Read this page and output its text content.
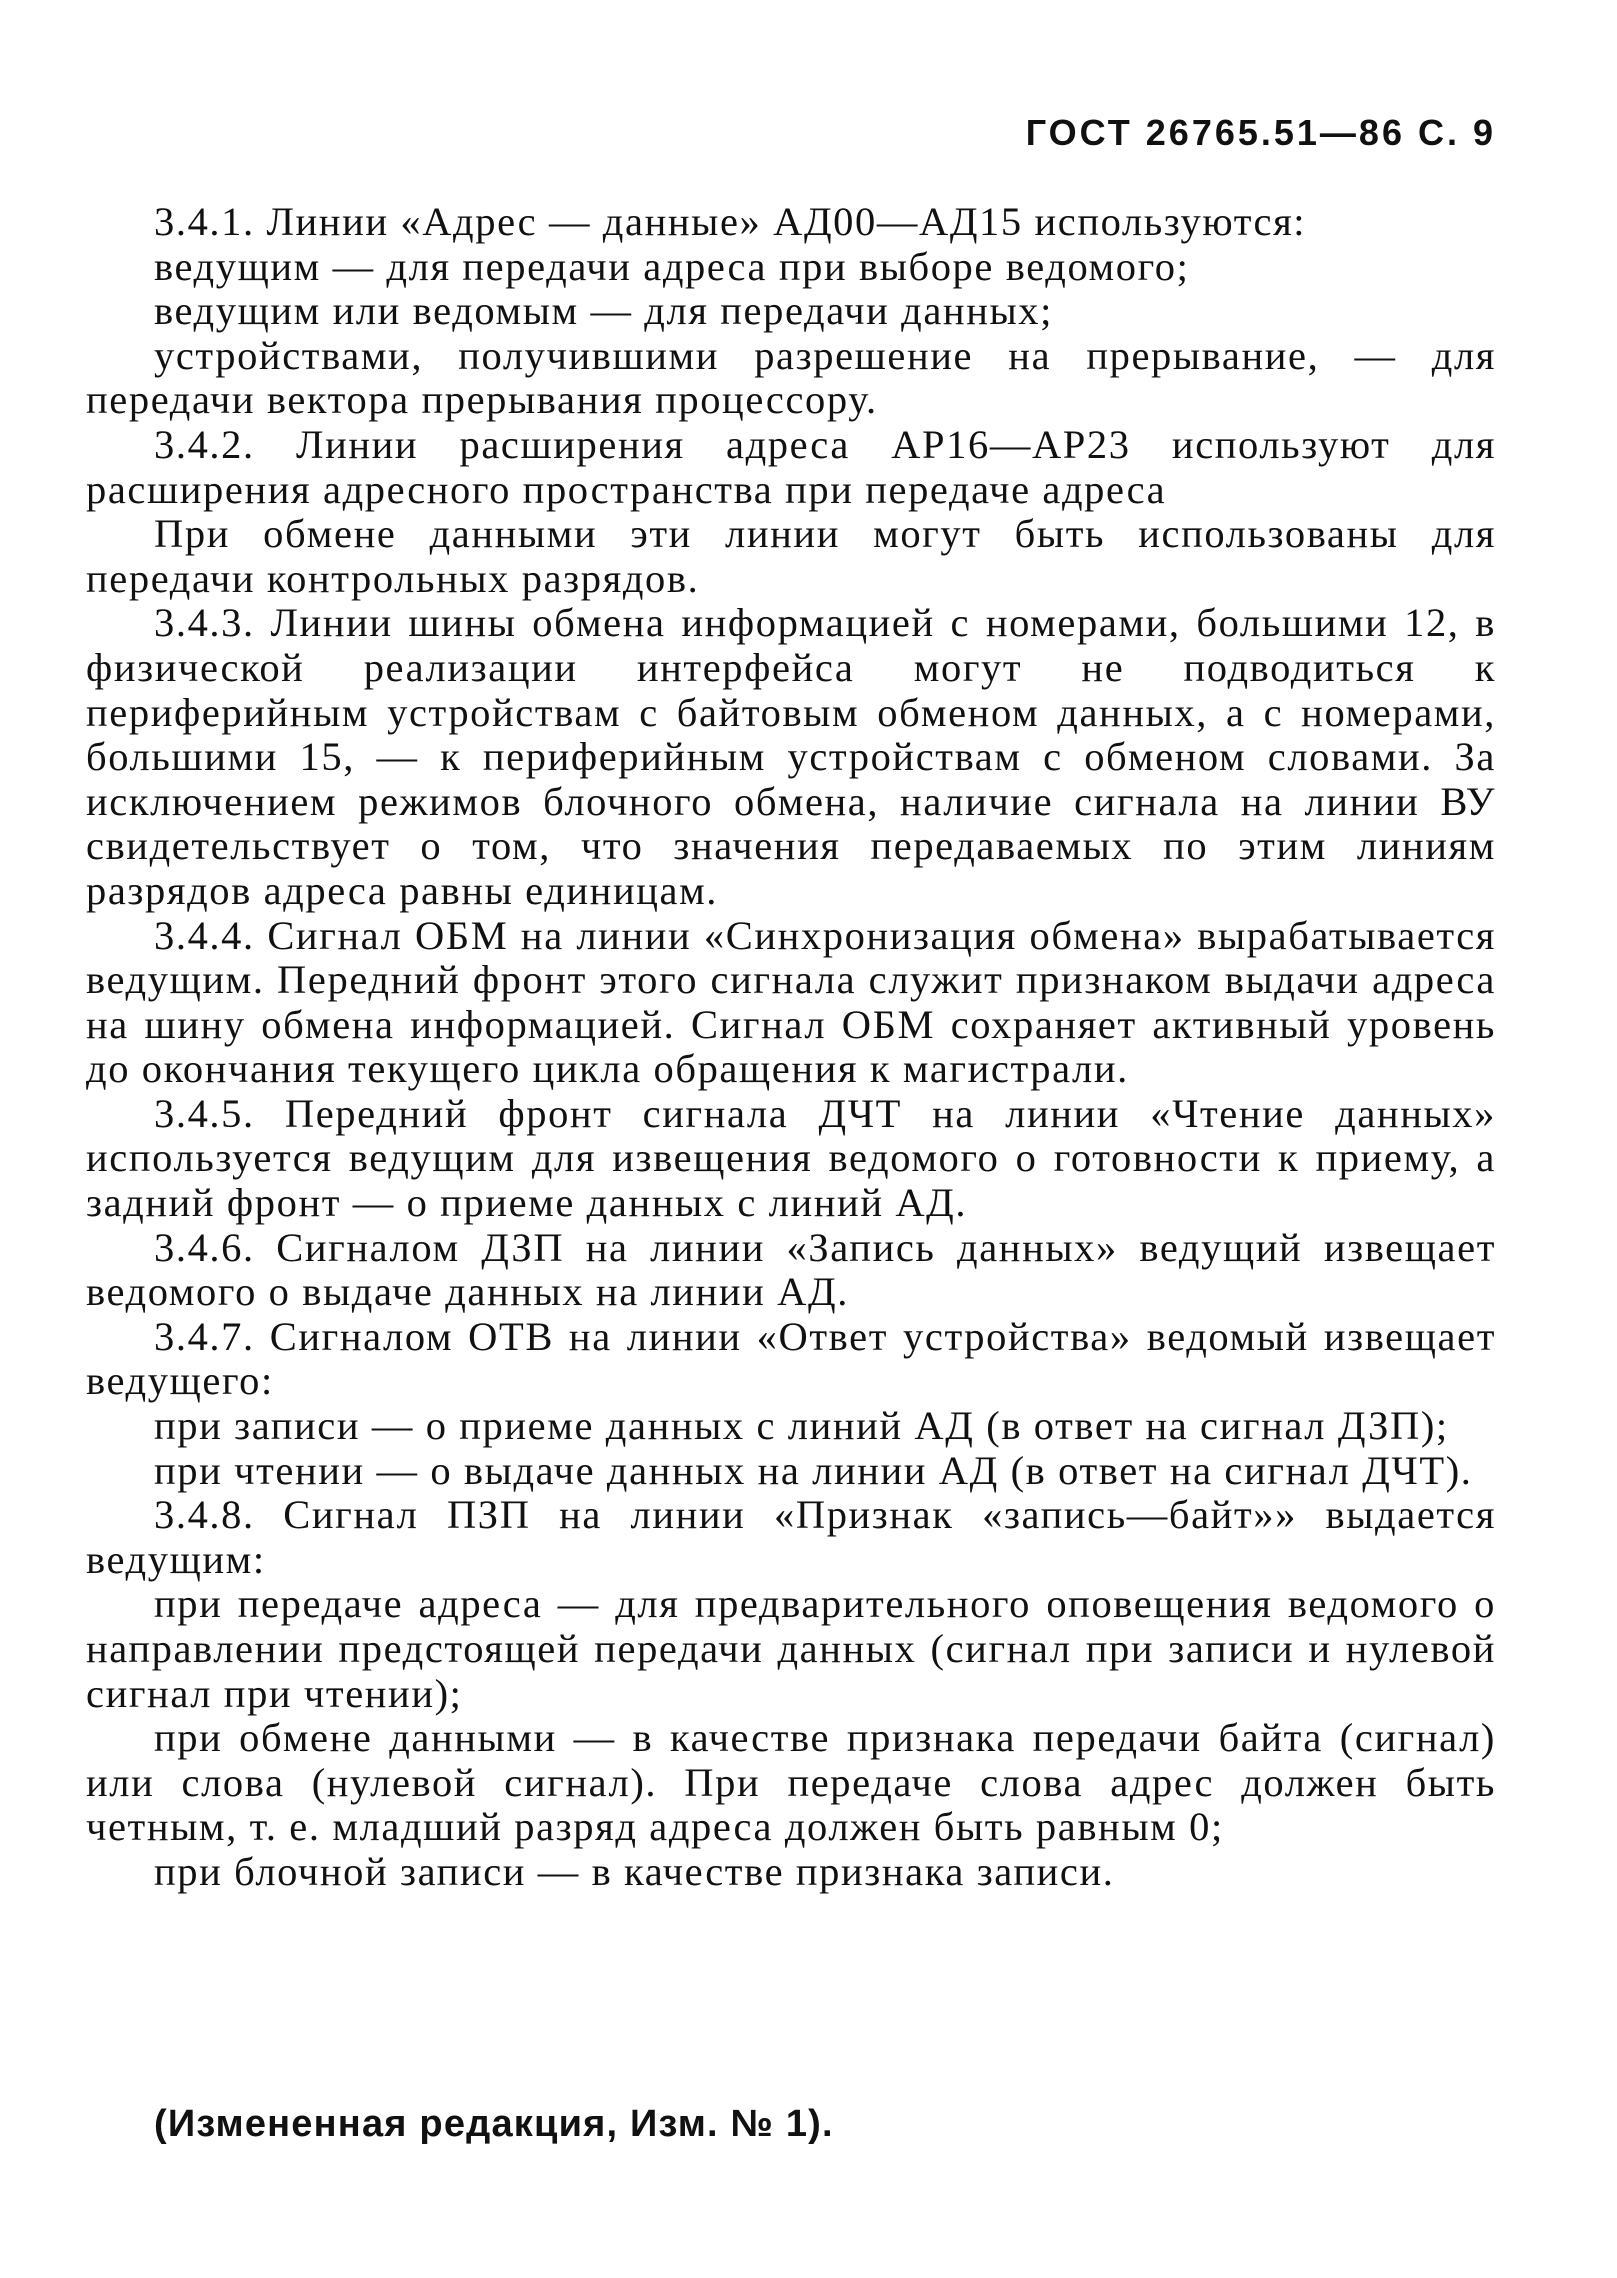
ГОСТ 26765.51—86 С. 9

3.4.1. Линии «Адрес — данные» АД00—АД15 используются:

ведущим — для передачи адреса при выборе ведомого;

ведущим или ведомым — для передачи данных;

устройствами, получившими разрешение на прерывание, — для передачи вектора прерывания процессору.

3.4.2. Линии расширения адреса АР16—АР23 используют для расширения адресного пространства при передаче адреса

При обмене данными эти линии могут быть использованы для передачи контрольных разрядов.

3.4.3. Линии шины обмена информацией с номерами, большими 12, в физической реализации интерфейса могут не подводиться к периферийным устройствам с байтовым обменом данных, а с номерами, большими 15, — к периферийным устройствам с обменом словами. За исключением режимов блочного обмена, наличие сигнала на линии ВУ свидетельствует о том, что значения передаваемых по этим линиям разрядов адреса равны единицам.

3.4.4. Сигнал ОБМ на линии «Синхронизация обмена» вырабатывается ведущим. Передний фронт этого сигнала служит признаком выдачи адреса на шину обмена информацией. Сигнал ОБМ сохраняет активный уровень до окончания текущего цикла обращения к магистрали.

3.4.5. Передний фронт сигнала ДЧТ на линии «Чтение данных» используется ведущим для извещения ведомого о готовности к приему, а задний фронт — о приеме данных с линий АД.

3.4.6. Сигналом ДЗП на линии «Запись данных» ведущий извещает ведомого о выдаче данных на линии АД.

3.4.7. Сигналом ОТВ на линии «Ответ устройства» ведомый извещает ведущего:

при записи — о приеме данных с линий АД (в ответ на сигнал ДЗП);

при чтении — о выдаче данных на линии АД (в ответ на сигнал ДЧТ).

3.4.8. Сигнал ПЗП на линии «Признак «запись—байт»» выдается ведущим:

при передаче адреса — для предварительного оповещения ведомого о направлении предстоящей передачи данных (сигнал при записи и нулевой сигнал при чтении);

при обмене данными — в качестве признака передачи байта (сигнал) или слова (нулевой сигнал). При передаче слова адрес должен быть четным, т. е. младший разряд адреса должен быть равным 0;

при блочной записи — в качестве признака записи.

(Измененная редакция, Изм. № 1).
